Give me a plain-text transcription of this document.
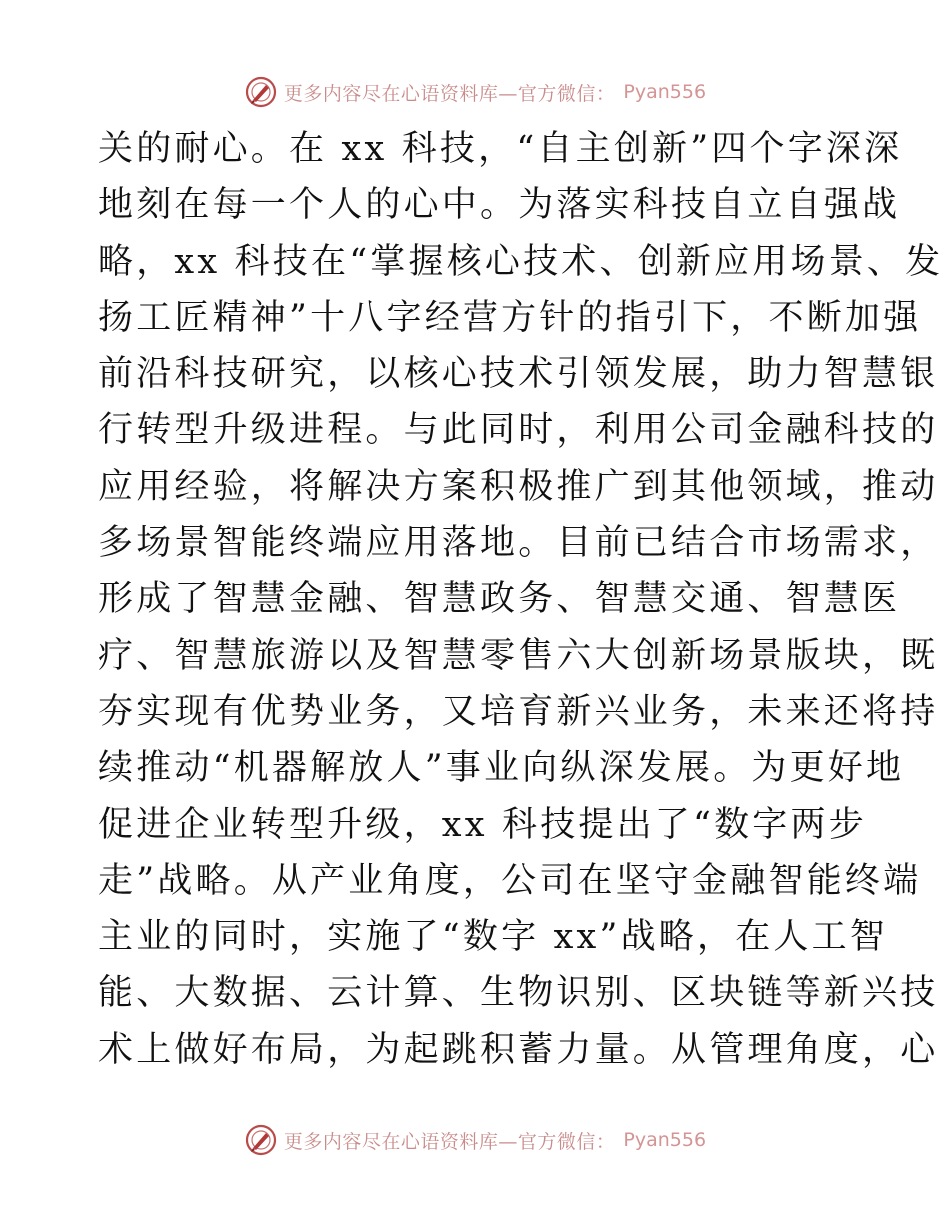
更多内容尽在心语资料库—官方微信： Pyan556
关的耐心。在 xx 科技，“自主创新”四个字深深
地刻在每一个人的心中。为落实科技自立自强战
略，xx 科技在“掌握核心技术、创新应用场景、发
扬工匠精神”十八字经营方针的指引下，不断加强
前沿科技研究，以核心技术引领发展，助力智慧银
行转型升级进程。与此同时，利用公司金融科技的
应用经验，将解决方案积极推广到其他领域，推动
多场景智能终端应用落地。目前已结合市场需求，
形成了智慧金融、智慧政务、智慧交通、智慧医
疗、智慧旅游以及智慧零售六大创新场景版块，既
夯实现有优势业务，又培育新兴业务，未来还将持
续推动“机器解放人”事业向纵深发展。为更好地
促进企业转型升级，xx 科技提出了“数字两步
走”战略。从产业角度，公司在坚守金融智能终端
主业的同时，实施了“数字 xx”战略，在人工智
能、大数据、云计算、生物识别、区块链等新兴技
术上做好布局，为起跳积蓄力量。从管理角度，心
更多内容尽在心语资料库—官方微信： Pyan556
